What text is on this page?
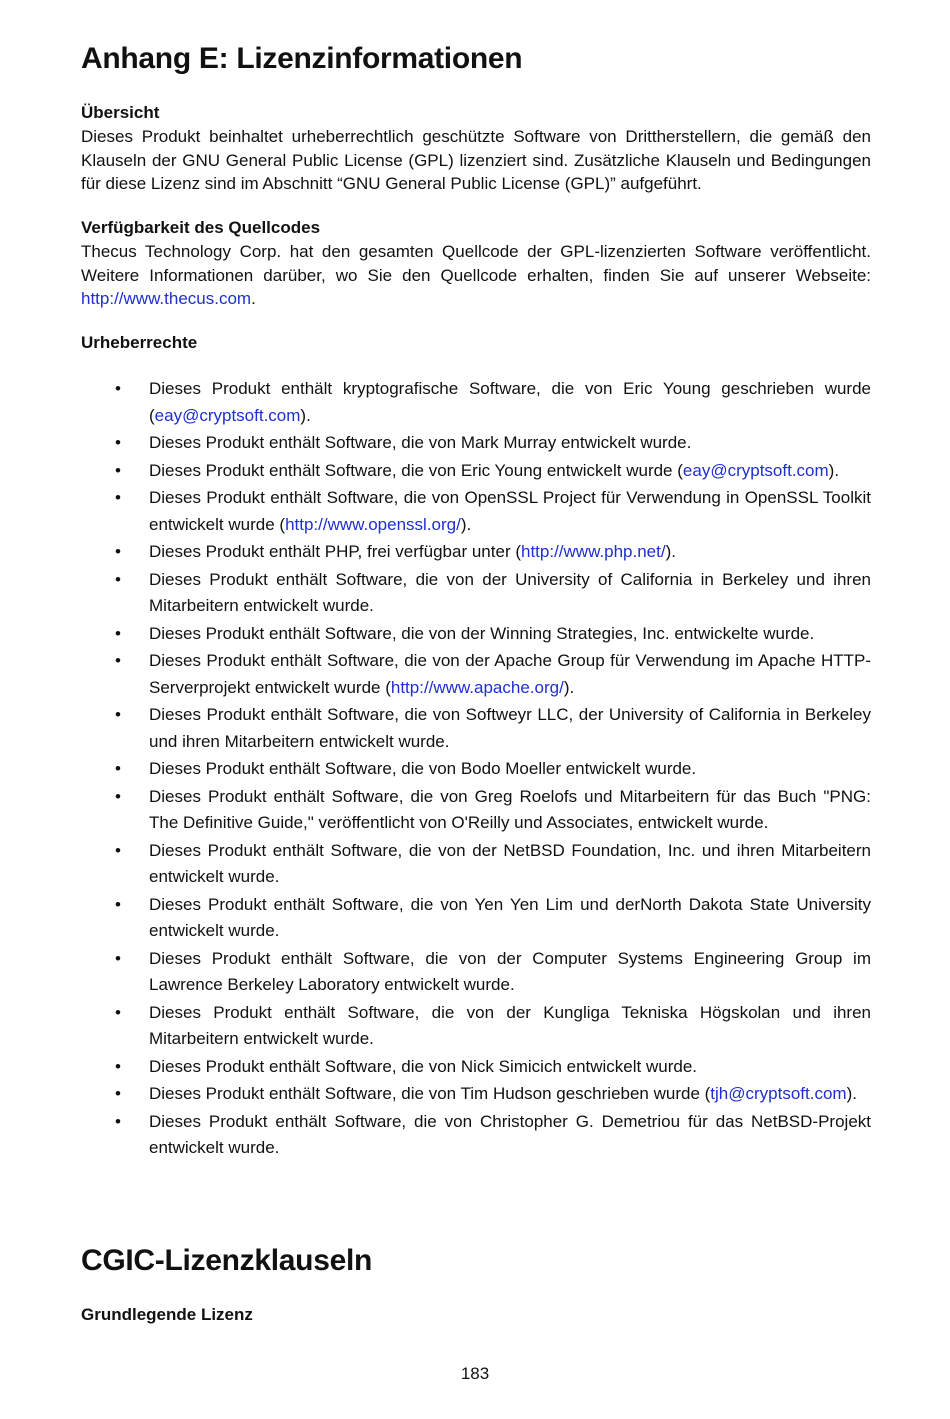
Anhang E: Lizenzinformationen
Übersicht

Dieses Produkt beinhaltet urheberrechtlich geschützte Software von Drittherstellern, die gemäß den Klauseln der GNU General Public License (GPL) lizenziert sind. Zusätzliche Klauseln und Bedingungen für diese Lizenz sind im Abschnitt “GNU General Public License (GPL)” aufgeführt.

Verfügbarkeit des Quellcodes

Thecus Technology Corp. hat den gesamten Quellcode der GPL-lizenzierten Software veröffentlicht. Weitere Informationen darüber, wo Sie den Quellcode erhalten, finden Sie auf unserer Webseite: http://www.thecus.com.

Urheberrechte
• Dieses Produkt enthält kryptografische Software, die von Eric Young geschrieben wurde (eay@cryptsoft.com).
• Dieses Produkt enthält Software, die von Mark Murray entwickelt wurde.
• Dieses Produkt enthält Software, die von Eric Young entwickelt wurde (eay@cryptsoft.com).
• Dieses Produkt enthält Software, die von OpenSSL Project für Verwendung in OpenSSL Toolkit entwickelt wurde (http://www.openssl.org/).
• Dieses Produkt enthält PHP, frei verfügbar unter (http://www.php.net/).
• Dieses Produkt enthält Software, die von der University of California in Berkeley und ihren Mitarbeitern entwickelt wurde.
• Dieses Produkt enthält Software, die von der Winning Strategies, Inc. entwickelte wurde.
• Dieses Produkt enthält Software, die von der Apache Group für Verwendung im Apache HTTP-Serverprojekt entwickelt wurde (http://www.apache.org/).
• Dieses Produkt enthält Software, die von Softweyr LLC, der University of California in Berkeley und ihren Mitarbeitern entwickelt wurde.
• Dieses Produkt enthält Software, die von Bodo Moeller entwickelt wurde.
• Dieses Produkt enthält Software, die von Greg Roelofs und Mitarbeitern für das Buch "PNG: The Definitive Guide," veröffentlicht von O'Reilly und Associates, entwickelt wurde.
• Dieses Produkt enthält Software, die von der NetBSD Foundation, Inc. und ihren Mitarbeitern entwickelt wurde.
• Dieses Produkt enthält Software, die von Yen Yen Lim und derNorth Dakota State University entwickelt wurde.
• Dieses Produkt enthält Software, die von der Computer Systems Engineering Group im Lawrence Berkeley Laboratory entwickelt wurde.
• Dieses Produkt enthält Software, die von der Kungliga Tekniska Högskolan und ihren Mitarbeitern entwickelt wurde.
• Dieses Produkt enthält Software, die von Nick Simicich entwickelt wurde.
• Dieses Produkt enthält Software, die von Tim Hudson geschrieben wurde (tjh@cryptsoft.com).
• Dieses Produkt enthält Software, die von Christopher G. Demetriou für das NetBSD-Projekt entwickelt wurde.
CGIC-Lizenzklauseln
Grundlegende Lizenz
183
